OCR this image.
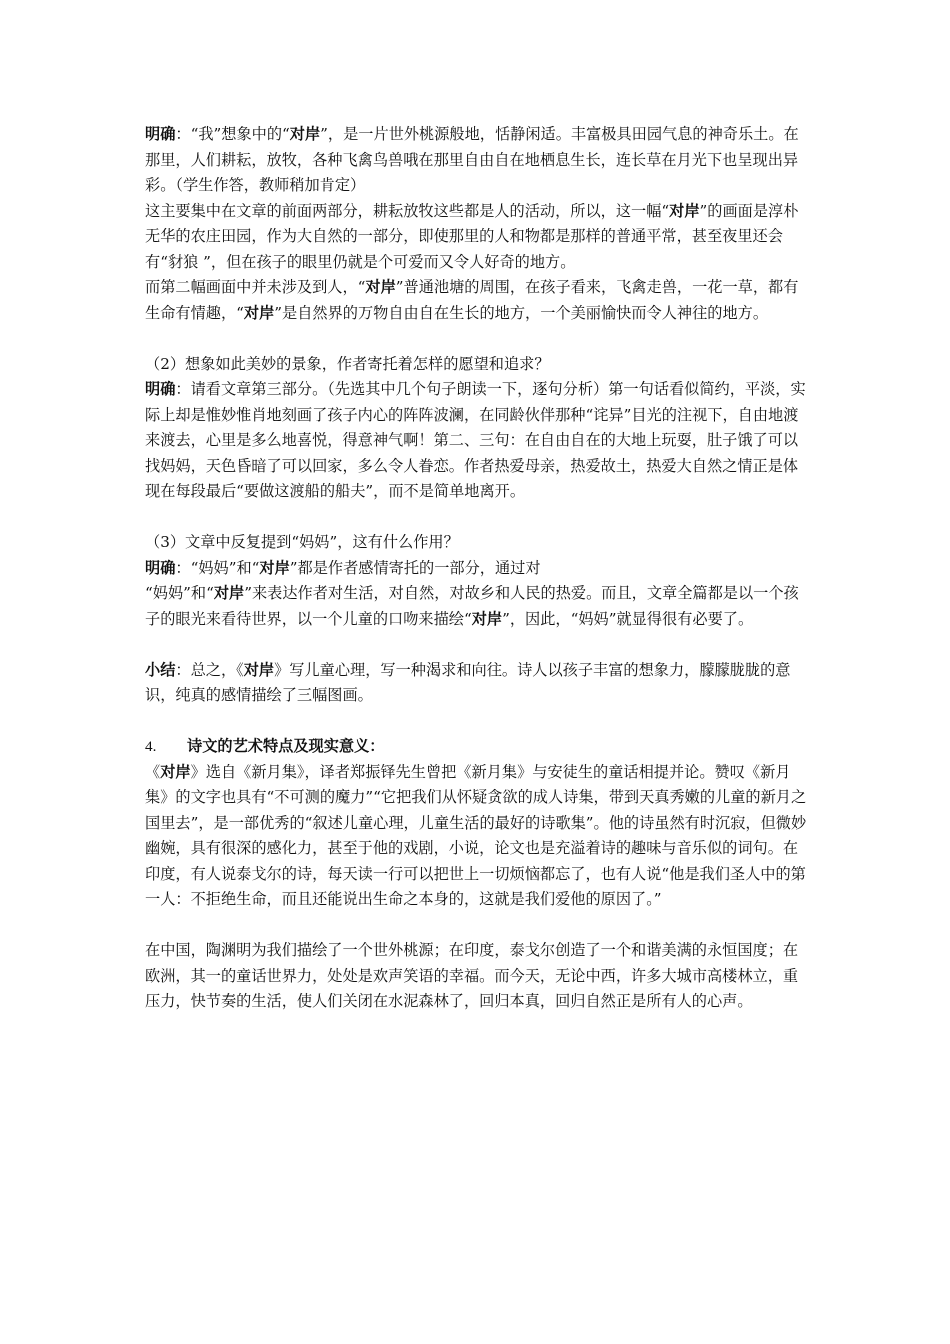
明确：“我”想象中的“对岸”，是一片世外桃源般地，恬静闲适。丰富极具田园气息的神奇乐土。在那里，人们耕耘，放牧，各种飞禽鸟兽哦在那里自由自在地栖息生长，连长草在月光下也呈现出异彩。（学生作答，教师稍加肯定）

这主要集中在文章的前面两部分，耕耘放牧这些都是人的活动，所以，这一幅“对岸”的画面是淳朴无华的农庄田园，作为大自然的一部分，即使那里的人和物都是那样的普通平常，甚至夜里还会有“豺狼 ”，但在孩子的眼里仍就是个可爱而又令人好奇的地方。

而第二幅画面中并未涉及到人，“对岸”普通池塘的周围，在孩子看来，飞禽走兽，一花一草，都有生命有情趣，“对岸”是自然界的万物自由自在生长的地方，一个美丽愉快而令人神往的地方。

（2）想象如此美妙的景象，作者寄托着怎样的愿望和追求？

明确：请看文章第三部分。（先选其中几个句子朗读一下，逐句分析）第一句话看似简约，平淡，实际上却是惟妙惟肖地刻画了孩子内心的阵阵波澜，在同龄伙伴那种“诧异”目光的注视下，自由地渡来渡去，心里是多么地喜悦，得意神气啊！第二、三句：在自由自在的大地上玩耍，肚子饿了可以找妈妈，天色昏暗了可以回家，多么令人眷恋。作者热爱母亲，热爱故土，热爱大自然之情正是体现在每段最后“要做这渡船的船夫”，而不是简单地离开。

（3）文章中反复提到“妈妈”，这有什么作用？

明确：“妈妈”和“对岸”都是作者感情寄托的一部分，通过对

“妈妈”和“对岸”来表达作者对生活，对自然，对故乡和人民的热爱。而且，文章全篇都是以一个孩子的眼光来看待世界，以一个儿童的口吻来描绘“对岸”，因此，“妈妈”就显得很有必要了。

小结：总之，《对岸》写儿童心理，写一种渴求和向往。诗人以孩子丰富的想象力，朦朦胧胧的意识，纯真的感情描绘了三幅图画。

4. 诗文的艺术特点及现实意义：

《对岸》选自《新月集》，译者郑振铎先生曾把《新月集》与安徒生的童话相提并论。赞叹《新月集》的文字也具有“不可测的魔力”“它把我们从怀疑贪欲的成人诗集，带到天真秀嫩的儿童的新月之国里去”，是一部优秀的“叙述儿童心理，儿童生活的最好的诗歌集”。他的诗虽然有时沉寂，但微妙幽婉，具有很深的感化力，甚至于他的戏剧，小说，论文也是充溢着诗的趣味与音乐似的词句。在印度，有人说泰戈尔的诗，每天读一行可以把世上一切烦恼都忘了，也有人说“他是我们圣人中的第一人：不拒绝生命，而且还能说出生命之本身的，这就是我们爱他的原因了。”

在中国，陶渊明为我们描绘了一个世外桃源；在印度，泰戈尔创造了一个和谐美满的永恒国度；在欧洲，其一的童话世界力，处处是欢声笑语的幸福。而今天，无论中西，许多大城市高楼林立，重压力，快节奏的生活，使人们关闭在水泥森林了，回归本真，回归自然正是所有人的心声。
